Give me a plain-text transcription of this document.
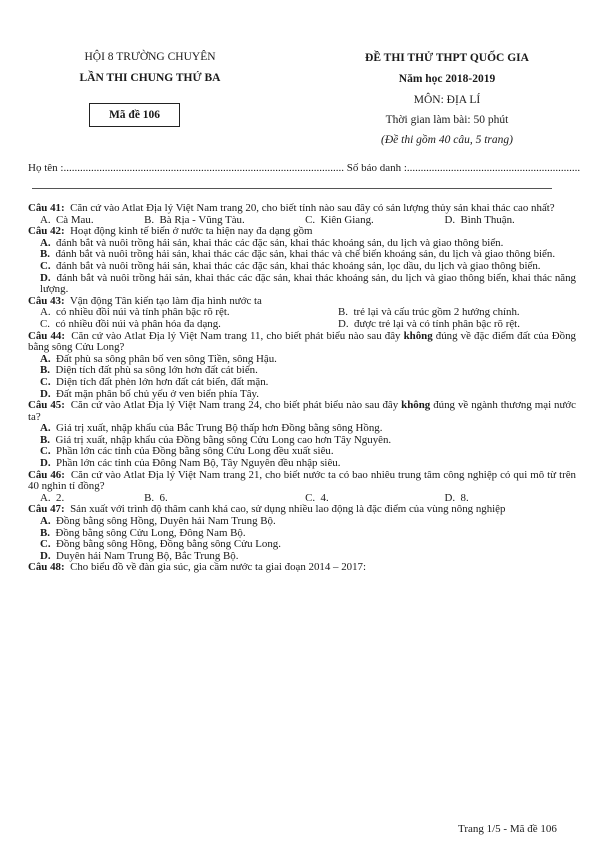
HỘI 8 TRƯỜNG CHUYÊN
LẦN THI CHUNG THỨ BA
Mã đề 106
ĐỀ THI THỬ THPT QUỐC GIA
Năm học 2018-2019
MÔN: ĐỊA LÍ
Thời gian làm bài: 50 phút
(Đề thi gồm 40 câu, 5 trang)
Họ tên :...................................................................................................... Số báo danh :...............................................................

Câu 41: Căn cứ vào Atlat Địa lý Việt Nam trang 20, cho biết tỉnh nào sau đây có sản lượng thủy sản khai thác cao nhất?

A. Cà Mau.	B. Bà Rịa - Vũng Tàu.	C. Kiên Giang.	D. Bình Thuận.

Câu 42: Hoạt động kinh tế biển ở nước ta hiện nay đa dạng gồm

A. đánh bắt và nuôi trồng hải sản, khai thác các đặc sản, khai thác khoáng sản, du lịch và giao thông biển.

B. đánh bắt và nuôi trồng hải sản, khai thác các đặc sản, khai thác và chế biến khoáng sản, du lịch và giao thông biển.

C. đánh bắt và nuôi trồng hải sản, khai thác các đặc sản, khai thác khoáng sản, lọc dầu, du lịch và giao thông biển.

D. đánh bắt và nuôi trồng hải sản, khai thác các đặc sản, khai thác khoáng sản, du lịch và giao thông biển, khai thác năng lượng.

Câu 43: Vận động Tân kiến tạo làm địa hình nước ta

A. có nhiều đồi núi và tính phân bậc rõ rệt.	B. trẻ lại và cấu trúc gồm 2 hướng chính.
C. có nhiều đồi núi và phân hóa đa dạng.	D. được trẻ lại và có tính phân bậc rõ rệt.

Câu 44: Căn cứ vào Atlat Địa lý Việt Nam trang 11, cho biết phát biểu nào sau đây không đúng về đặc điểm đất của Đồng bằng sông Cửu Long?

A. Đất phù sa sông phân bố ven sông Tiền, sông Hậu.

B. Diện tích đất phù sa sông lớn hơn đất cát biển.

C. Diện tích đất phèn lớn hơn đất cát biển, đất mặn.

D. Đất mặn phân bố chủ yếu ở ven biển phía Tây.

Câu 45: Căn cứ vào Atlat Địa lý Việt Nam trang 24, cho biết phát biểu nào sau đây không đúng về ngành thương mại nước ta?

A. Giá trị xuất, nhập khẩu của Bắc Trung Bộ thấp hơn Đồng bằng sông Hồng.

B. Giá trị xuất, nhập khẩu của Đồng bằng sông Cửu Long cao hơn Tây Nguyên.

C. Phần lớn các tỉnh của Đồng bằng sông Cửu Long đều xuất siêu.

D. Phần lớn các tỉnh của Đông Nam Bộ, Tây Nguyên đều nhập siêu.

Câu 46: Căn cứ vào Atlat Địa lý Việt Nam trang 21, cho biết nước ta có bao nhiêu trung tâm công nghiệp có qui mô từ trên 40 nghìn tỉ đồng?

A. 2.	B. 6.	C. 4.	D. 8.

Câu 47: Sản xuất với trình độ thâm canh khá cao, sử dụng nhiều lao động là đặc điểm của vùng nông nghiệp

A. Đồng bằng sông Hồng, Duyên hải Nam Trung Bộ.

B. Đồng bằng sông Cửu Long, Đông Nam Bộ.

C. Đồng bằng sông Hồng, Đồng bằng sông Cửu Long.

D. Duyên hải Nam Trung Bộ, Bắc Trung Bộ.

Câu 48: Cho biểu đồ về đàn gia súc, gia cầm nước ta giai đoạn 2014 – 2017:

Trang 1/5 - Mã đề 106
